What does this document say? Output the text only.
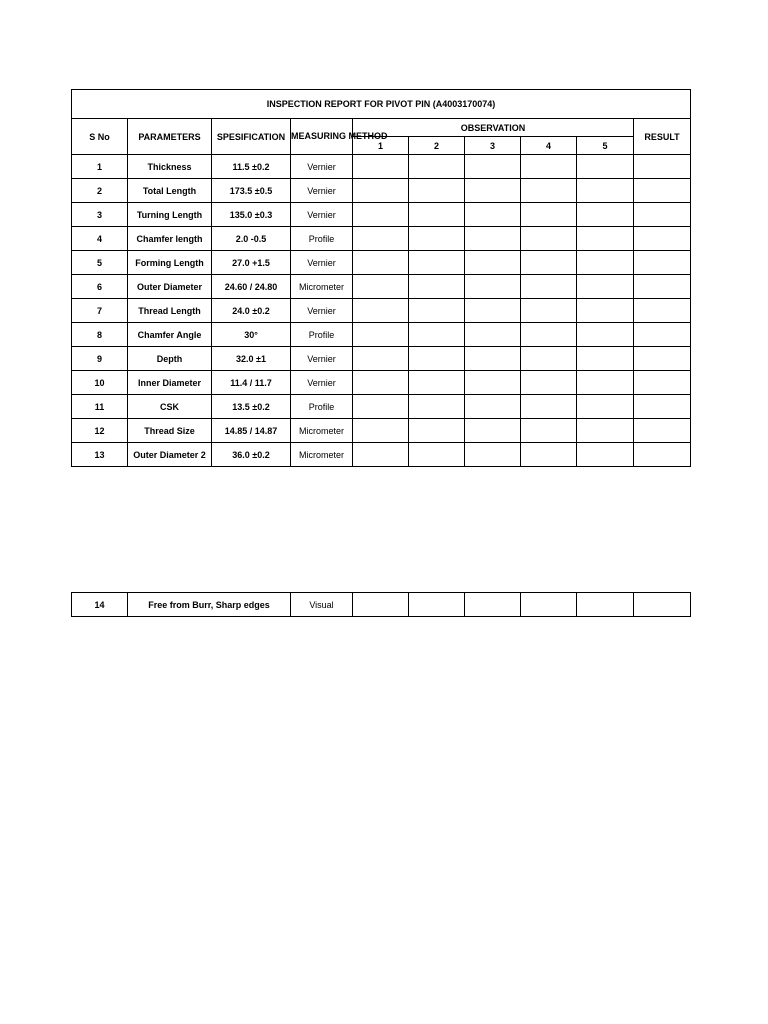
INSPECTION REPORT FOR PIVOT PIN (A4003170074)									
S No	PARAMETERS	SPESIFICATION	MEASURING METHOD	OBSERVATION					RESULT
				1	2	3	4	5	
1	Thickness	11.5 ±0.2	Vernier						
2	Total Length	173.5 ±0.5	Vernier						
3	Turning Length	135.0 ±0.3	Vernier						
4	Chamfer length	2.0 -0.5	Profile						
5	Forming Length	27.0 +1.5	Vernier						
6	Outer Diameter	24.60 / 24.80	Micrometer						
7	Thread Length	24.0 ±0.2	Vernier						
8	Chamfer Angle	30°	Profile						
9	Depth	32.0 ±1	Vernier						
10	Inner Diameter	11.4 / 11.7	Vernier						
11	CSK	13.5 ±0.2	Profile						
12	Thread Size	14.85 / 14.87	Micrometer						
13	Outer Diameter 2	36.0 ±0.2	Micrometer						
14	Free from Burr, Sharp edges	Visual						
